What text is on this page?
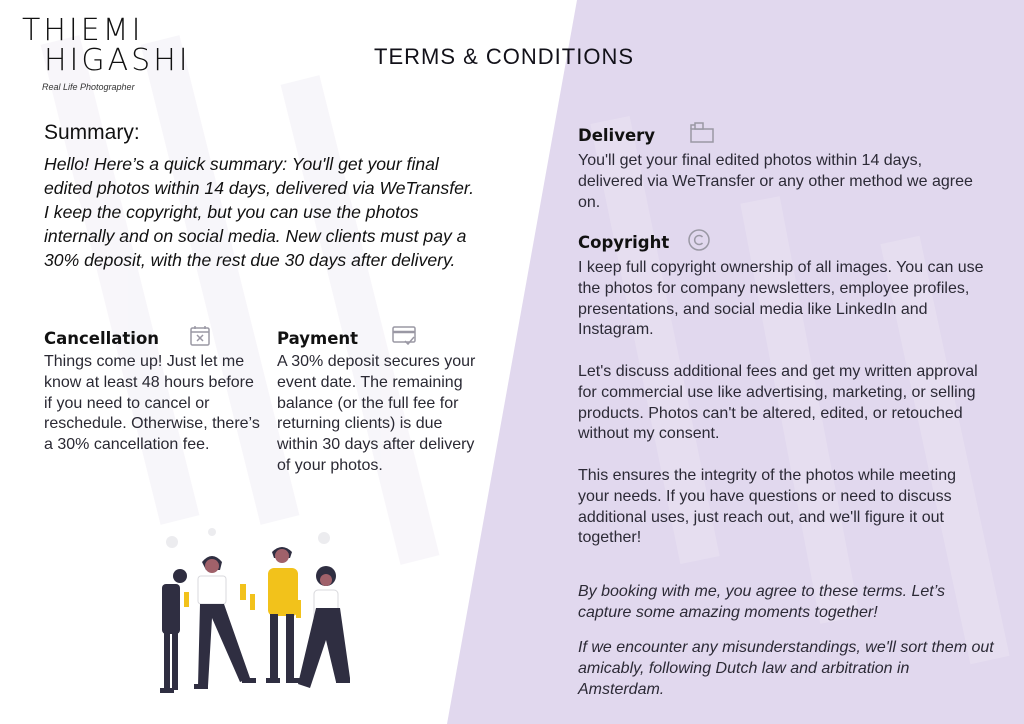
THIEMI
HIGASHI
Real Life Photographer
TERMS & CONDITIONS
Summary:
Hello! Here’s a quick summary: You'll get your final edited photos within 14 days, delivered via WeTransfer. I keep the copyright, but you can use the photos internally and on social media. New clients must pay a 30% deposit, with the rest due 30 days after delivery.
Cancellation
Things come up! Just let me know at least 48 hours before if you need to cancel or reschedule. Otherwise, there’s a 30% cancellation fee.
Payment
A 30% deposit secures your event date. The remaining balance (or the full fee for returning clients) is due within 30 days after delivery of your photos.
Delivery
You'll get your final edited photos within 14 days, delivered via WeTransfer or any other method we agree on.
Copyright

I keep full copyright ownership of all images. You can use the photos for company newsletters, employee profiles, presentations, and social media like LinkedIn and Instagram.

Let's discuss additional fees and get my written approval for commercial use like advertising, marketing, or selling products. Photos can't be altered, edited, or retouched without my consent.

This ensures the integrity of the photos while meeting your needs. If you have questions or need to discuss additional uses, just reach out, and we'll figure it out together!

By booking with me, you agree to these terms. Let’s capture some amazing moments together!
If we encounter any misunderstandings, we'll sort them out amicably, following Dutch law and arbitration in Amsterdam.
